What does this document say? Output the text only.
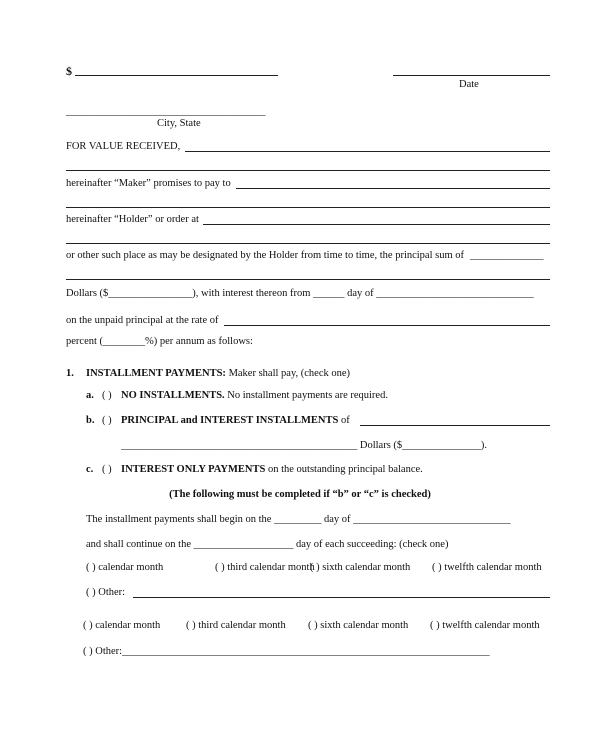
$
Date
______________________________________
City, State
FOR VALUE RECEIVED,
hereinafter “Maker” promises to pay to
hereinafter “Holder” or order at
or other such place as may be designated by the Holder from time to time, the principal sum of ______________
Dollars ($________________), with interest thereon from ______ day of ______________________________
on the unpaid principal at the rate of
percent (________%) per annum as follows:
1. INSTALLMENT PAYMENTS: Maker shall pay, (check one)
a. ( ) NO INSTALLMENTS. No installment payments are required.
b. ( ) PRINCIPAL and INTEREST INSTALLMENTS of
_____________________________________________ Dollars ($_______________).
c. ( ) INTEREST ONLY PAYMENTS on the outstanding principal balance.
(The following must be completed if “b” or “c” is checked)
The installment payments shall begin on the _________ day of ______________________________
and shall continue on the ___________________ day of each succeeding: (check one)
( ) calendar month	( ) third calendar month
( ) sixth calendar month ( ) twelfth calendar month
( ) Other:
( ) calendar month ( ) third calendar month ( ) sixth calendar month ( ) twelfth calendar month
( ) Other:______________________________________________________________________
